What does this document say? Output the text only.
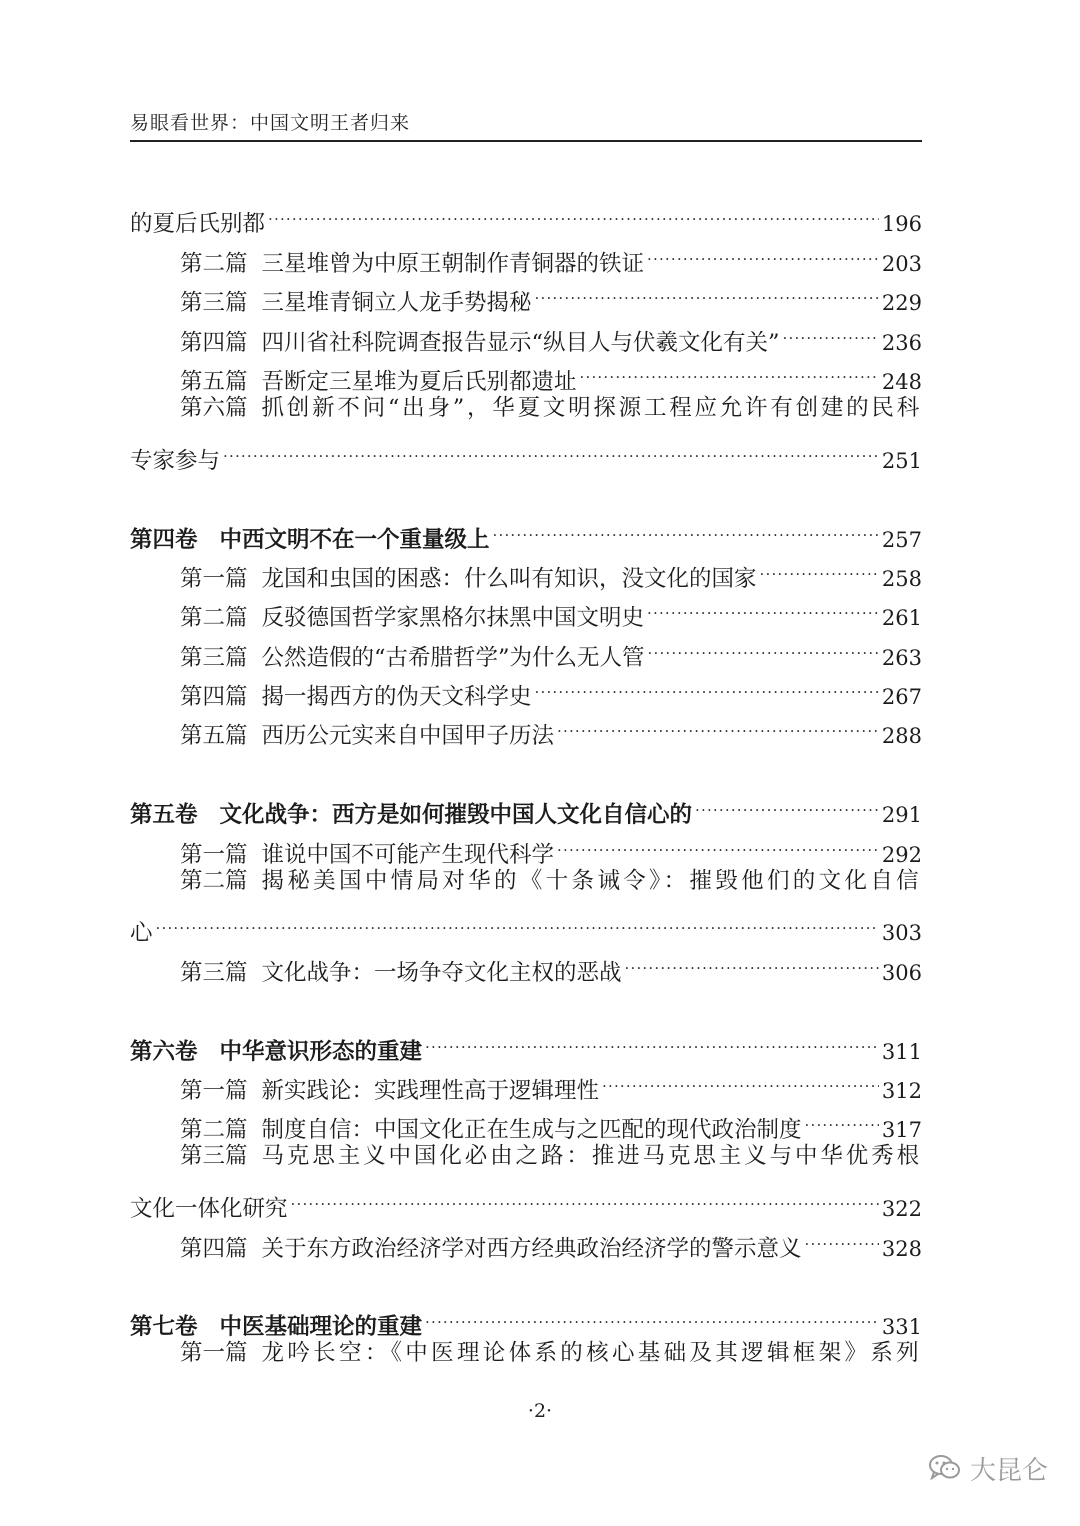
易眼看世界：中国文明王者归来
的夏后氏别都 .....	196
第二篇 三星堆曾为中原王朝制作青铜器的铁证 .....	203
第三篇 三星堆青铜立人龙手势揭秘 .....	229
第四篇 四川省社科院调查报告显示“纵目人与伏羲文化有关” .....	236
第五篇 吾断定三星堆为夏后氏别都遗址 .....	248
第六篇 抓创新不问“出身”，华夏文明探源工程应允许有创建的民科
专家参与 .....	251
第四卷 中西文明不在一个重量级上 .....	257
第一篇 龙国和虫国的困惑：什么叫有知识，没文化的国家 .....	258
第二篇 反驳德国哲学家黑格尔抹黑中国文明史 .....	261
第三篇 公然造假的“古希腊哲学”为什么无人管 .....	263
第四篇 揭一揭西方的伪天文科学史 .....	267
第五篇 西历公元实来自中国甲子历法 .....	288
第五卷 文化战争：西方是如何摧毁中国人文化自信心的 .....	291
第一篇 谁说中国不可能产生现代科学 .....	292
第二篇 揭秘美国中情局对华的《十条诫令》：摧毁他们的文化自信
心 .....	303
第三篇 文化战争：一场争夺文化主权的恶战 .....	306
第六卷 中华意识形态的重建 .....	311
第一篇 新实践论：实践理性高于逻辑理性 .....	312
第二篇 制度自信：中国文化正在生成与之匹配的现代政治制度 .....	317
第三篇 马克思主义中国化必由之路：推进马克思主义与中华优秀根
文化一体化研究 .....	322
第四篇 关于东方政治经济学对西方经典政治经济学的警示意义 .....	328
第七卷 中医基础理论的重建 .....	331
第一篇 龙吟长空：《中医理论体系的核心基础及其逻辑框架》系列
·2·
大昆仑
